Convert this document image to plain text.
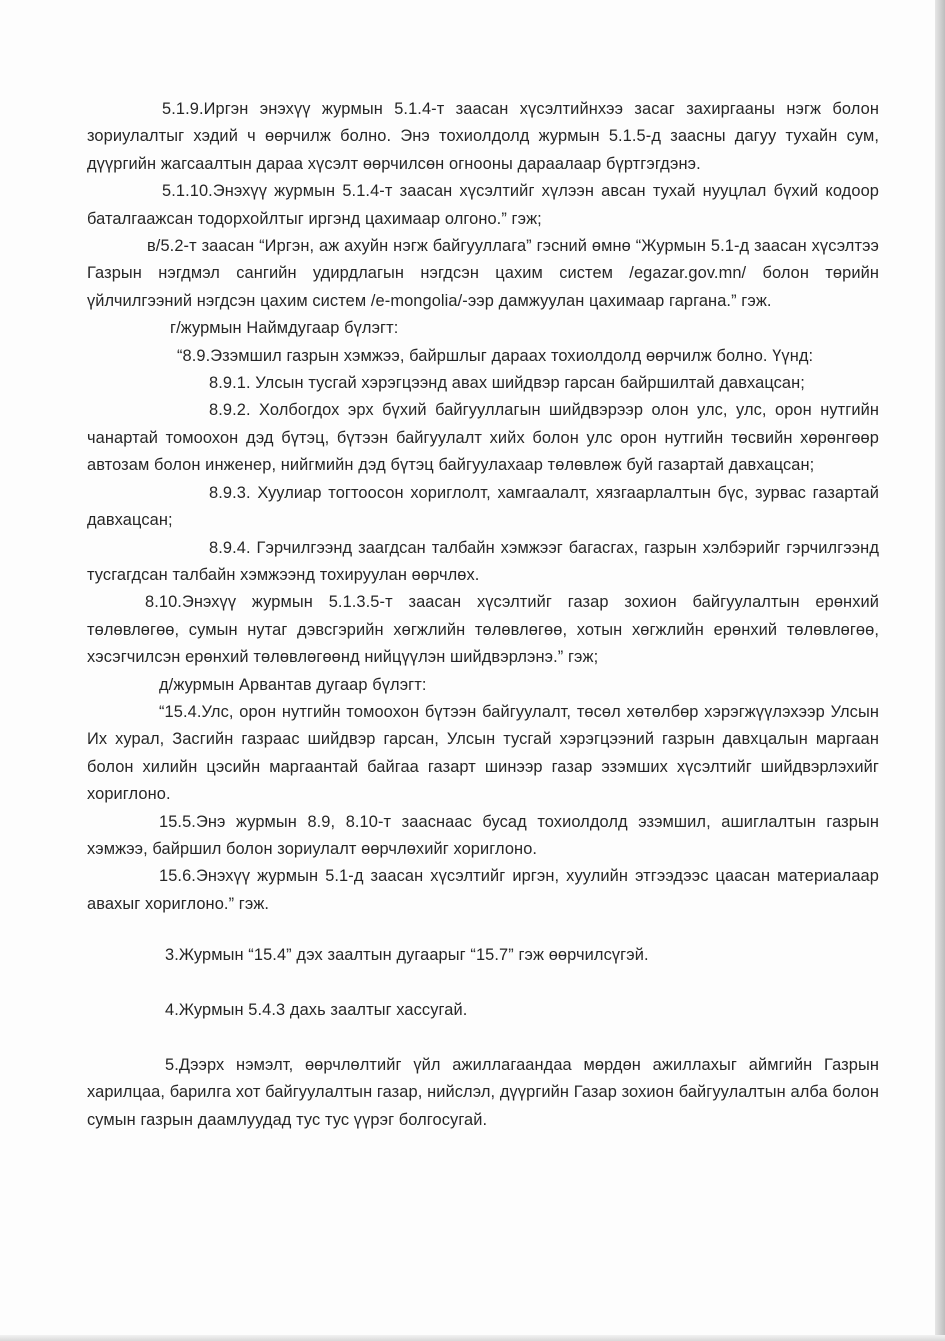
5.1.9.Иргэн энэхүү журмын 5.1.4-т заасан хүсэлтийнхээ засаг захиргааны нэгж болон зориулалтыг хэдий ч өөрчилж болно. Энэ тохиолдолд журмын 5.1.5-д заасны дагуу тухайн сум, дүүргийн жагсаалтын дараа хүсэлт өөрчилсөн огнооны дараалаар бүртгэгдэнэ.

5.1.10.Энэхүү журмын 5.1.4-т заасан хүсэлтийг хүлээн авсан тухай нууцлал бүхий кодоор баталгаажсан тодорхойлтыг иргэнд цахимаар олгоно.” гэж;

в/5.2-т заасан “Иргэн, аж ахуйн нэгж байгууллага” гэсний өмнө “Журмын 5.1-д заасан хүсэлтээ Газрын нэгдмэл сангийн удирдлагын нэгдсэн цахим систем /egazar.gov.mn/ болон төрийн үйлчилгээний нэгдсэн цахим систем /e-mongolia/-ээр дамжуулан цахимаар гаргана.” гэж.

г/журмын Наймдугаар бүлэгт:

“8.9.Эзэмшил газрын хэмжээ, байршлыг дараах тохиолдолд өөрчилж болно. Үүнд:

8.9.1. Улсын тусгай хэрэгцээнд авах шийдвэр гарсан байршилтай давхацсан;

8.9.2. Холбогдох эрх бүхий байгууллагын шийдвэрээр олон улс, улс, орон нутгийн чанартай томоохон дэд бүтэц, бүтээн байгуулалт хийх болон улс орон нутгийн төсвийн хөрөнгөөр автозам болон инженер, нийгмийн дэд бүтэц байгуулахаар төлөвлөж буй газартай давхацсан;

8.9.3. Хуулиар тогтоосон хориглолт, хамгаалалт, хязгаарлалтын бүс, зурвас газартай давхацсан;

8.9.4. Гэрчилгээнд заагдсан талбайн хэмжээг багасгах, газрын хэлбэрийг гэрчилгээнд тусгагдсан талбайн хэмжээнд тохируулан өөрчлөх.

8.10.Энэхүү журмын 5.1.3.5-т заасан хүсэлтийг газар зохион байгуулалтын ерөнхий төлөвлөгөө, сумын нутаг дэвсгэрийн хөгжлийн төлөвлөгөө, хотын хөгжлийн ерөнхий төлөвлөгөө, хэсэгчилсэн ерөнхий төлөвлөгөөнд нийцүүлэн шийдвэрлэнэ.” гэж;

д/журмын Арвантав дугаар бүлэгт:

“15.4.Улс, орон нутгийн томоохон бүтээн байгуулалт, төсөл хөтөлбөр хэрэгжүүлэхээр Улсын Их хурал, Засгийн газраас шийдвэр гарсан, Улсын тусгай хэрэгцээний газрын давхцалын маргаан болон хилийн цэсийн маргаантай байгаа газарт шинээр газар эзэмших хүсэлтийг шийдвэрлэхийг хориглоно.

15.5.Энэ журмын 8.9, 8.10-т зааснаас бусад тохиолдолд эзэмшил, ашиглалтын газрын хэмжээ, байршил болон зориулалт өөрчлөхийг хориглоно.

15.6.Энэхүү журмын 5.1-д заасан хүсэлтийг иргэн, хуулийн этгээдээс цаасан материалаар авахыг хориглоно.” гэж.

3.Журмын “15.4” дэх заалтын дугаарыг “15.7” гэж өөрчилсүгэй.

4.Журмын 5.4.3 дахь заалтыг хассугай.

5.Дээрх нэмэлт, өөрчлөлтийг үйл ажиллагаандаа мөрдөн ажиллахыг аймгийн Газрын харилцаа, барилга хот байгуулалтын газар, нийслэл, дүүргийн Газар зохион байгуулалтын алба болон сумын газрын даамлуудад тус тус үүрэг болгосугай.
